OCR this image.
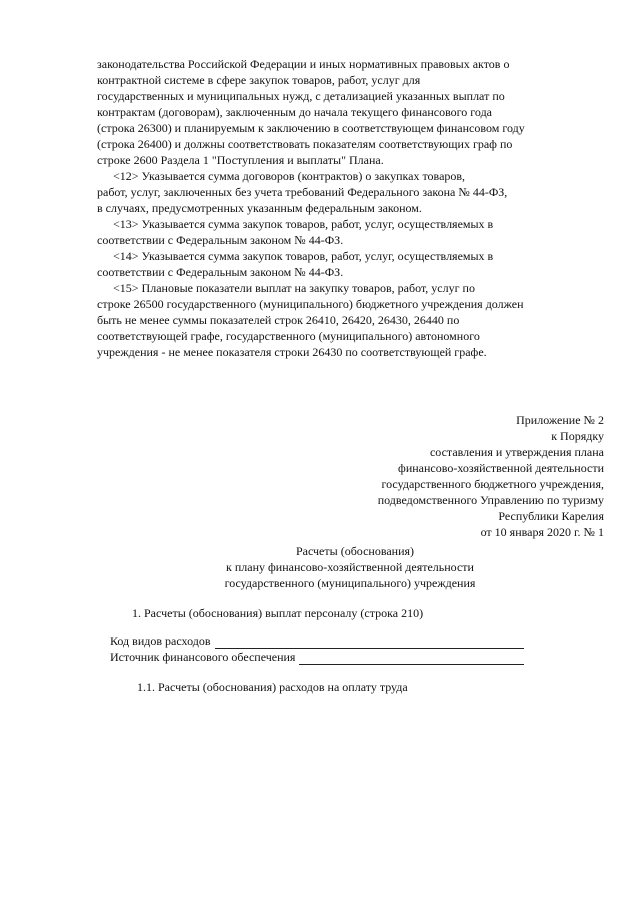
законодательства Российской Федерации и иных нормативных правовых актов о
контрактной системе в сфере закупок товаров, работ, услуг для
государственных и муниципальных нужд, с детализацией указанных выплат по
контрактам (договорам), заключенным до начала текущего финансового года
(строка 26300) и планируемым к заключению в соответствующем финансовом году
(строка 26400) и должны соответствовать показателям соответствующих граф по
строке 2600 Раздела 1 "Поступления и выплаты" Плана.

<12> Указывается сумма договоров (контрактов) о закупках товаров,
работ, услуг, заключенных без учета требований Федерального закона № 44-ФЗ,
в случаях, предусмотренных указанным федеральным законом.

<13> Указывается сумма закупок товаров, работ, услуг, осуществляемых в
соответствии с Федеральным законом № 44-ФЗ.

<14> Указывается сумма закупок товаров, работ, услуг, осуществляемых в
соответствии с Федеральным законом № 44-ФЗ.

<15> Плановые показатели выплат на закупку товаров, работ, услуг по
строке 26500 государственного (муниципального) бюджетного учреждения должен
быть не менее суммы показателей строк 26410, 26420, 26430, 26440 по
соответствующей графе, государственного (муниципального) автономного
учреждения - не менее показателя строки 26430 по соответствующей графе.

Приложение № 2
к Порядку
составления и утверждения плана
финансово-хозяйственной деятельности
государственного бюджетного учреждения,
подведомственного Управлению по туризму
Республики Карелия
от 10 января 2020 г. № 1
Расчеты (обоснования)
к плану финансово-хозяйственной деятельности
государственного (муниципального) учреждения
1. Расчеты (обоснования) выплат персоналу (строка 210)
Код видов расходов
Источник финансового обеспечения
1.1. Расчеты (обоснования) расходов на оплату труда
